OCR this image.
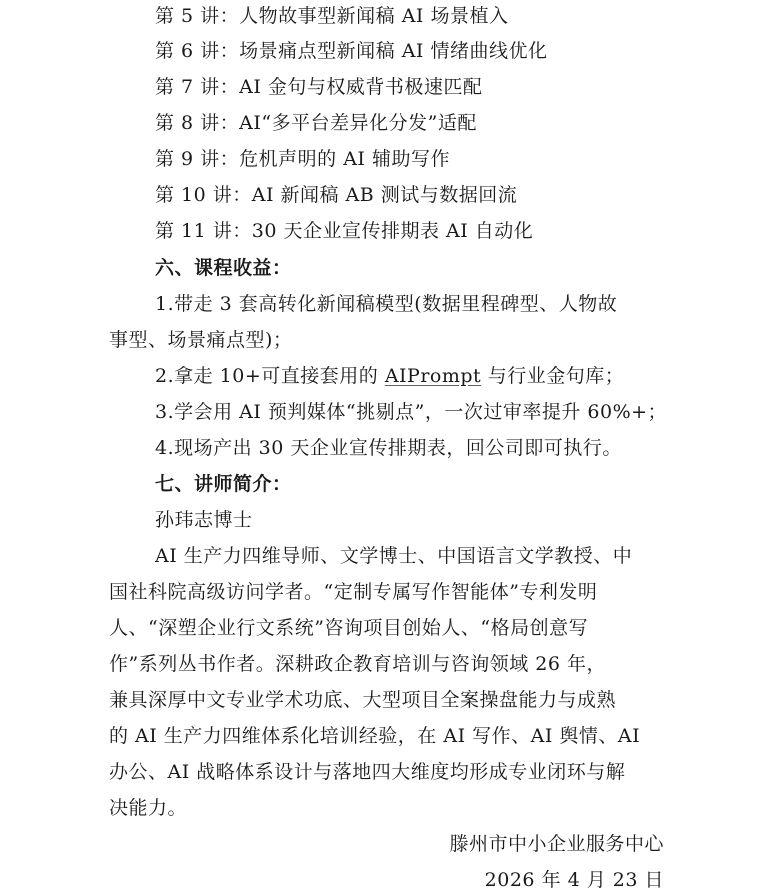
第 5 讲：人物故事型新闻稿 AI 场景植入
第 6 讲：场景痛点型新闻稿 AI 情绪曲线优化
第 7 讲：AI 金句与权威背书极速匹配
第 8 讲：AI“多平台差异化分发”适配
第 9 讲：危机声明的 AI 辅助写作
第 10 讲：AI 新闻稿 AB 测试与数据回流
第 11 讲：30 天企业宣传排期表 AI 自动化
六、课程收益：
1.带走 3 套高转化新闻稿模型(数据里程碑型、人物故
事型、场景痛点型)；
2.拿走 10+可直接套用的 AIPrompt 与行业金句库；
3.学会用 AI 预判媒体“挑剔点”，一次过审率提升 60%+；
4.现场产出 30 天企业宣传排期表，回公司即可执行。
七、讲师简介：
孙玮志博士
AI 生产力四维导师、文学博士、中国语言文学教授、中
国社科院高级访问学者。“定制专属写作智能体”专利发明
人、“深塑企业行文系统”咨询项目创始人、“格局创意写
作”系列丛书作者。深耕政企教育培训与咨询领域 26 年，
兼具深厚中文专业学术功底、大型项目全案操盘能力与成熟
的 AI 生产力四维体系化培训经验，在 AI 写作、AI 舆情、AI
办公、AI 战略体系设计与落地四大维度均形成专业闭环与解
决能力。
滕州市中小企业服务中心
2026 年 4 月 23 日
